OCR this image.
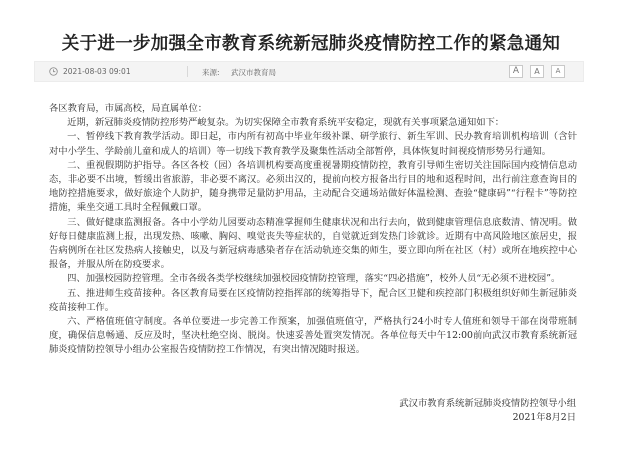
关于进一步加强全市教育系统新冠肺炎疫情防控工作的紧急通知
2021-08-03 09:01	来源: 武汉市教育局	A	A	A

各区教育局，市属高校，局直属单位：

近期，新冠肺炎疫情防控形势严峻复杂。为切实保障全市教育系统平安稳定，现就有关事项紧急通知如下：

一、暂停线下教育教学活动。即日起，市内所有初高中毕业年级补课、研学旅行、新生军训、民办教育培训机构培训（含针对中小学生、学龄前儿童和成人的培训）等一切线下教育教学及聚集性活动全部暂停，具体恢复时间视疫情形势另行通知。

二、重视假期防护指导。各区各校（园）各培训机构要高度重视暑期疫情防控，教育引导师生密切关注国际国内疫情信息动态，非必要不出境，暂缓出省旅游，非必要不离汉。必须出汉的，提前向校方报备出行目的地和返程时间，出行前注意查询目的地防控措施要求，做好旅途个人防护，随身携带足量防护用品，主动配合交通场站做好体温检测、查验“健康码”“行程卡”等防控措施，乘坐交通工具时全程佩戴口罩。

三、做好健康监测报备。各中小学幼儿园要动态精准掌握师生健康状况和出行去向，做到健康管理信息底数清、情况明。做好每日健康监测上报，出现发热、咳嗽、胸闷、嗅觉丧失等症状的，自觉就近到发热门诊就诊。近期有中高风险地区旅居史，报告病例所在社区发热病人接触史，以及与新冠病毒感染者存在活动轨迹交集的师生，要立即向所在社区（村）或所在地疾控中心报备，并服从所在防疫要求。

四、加强校园防控管理。全市各级各类学校继续加强校园疫情防控管理，落实“四必措施”，校外人员“无必须不进校园”。

五、推进师生疫苗接种。各区教育局要在区疫情防控指挥部的统筹指导下，配合区卫健和疾控部门积极组织好师生新冠肺炎疫苗接种工作。

六、严格值班值守制度。各单位要进一步完善工作预案，加强值班值守，严格执行24小时专人值班和领导干部在岗带班制度，确保信息畅通、反应及时，坚决杜绝空岗、脱岗。快速妥善处置突发情况。各单位每天中午12:00前向武汉市教育系统新冠肺炎疫情防控领导小组办公室报告疫情防控工作情况，有突出情况随时报送。

武汉市教育系统新冠肺炎疫情防控领导小组
2021年8月2日
